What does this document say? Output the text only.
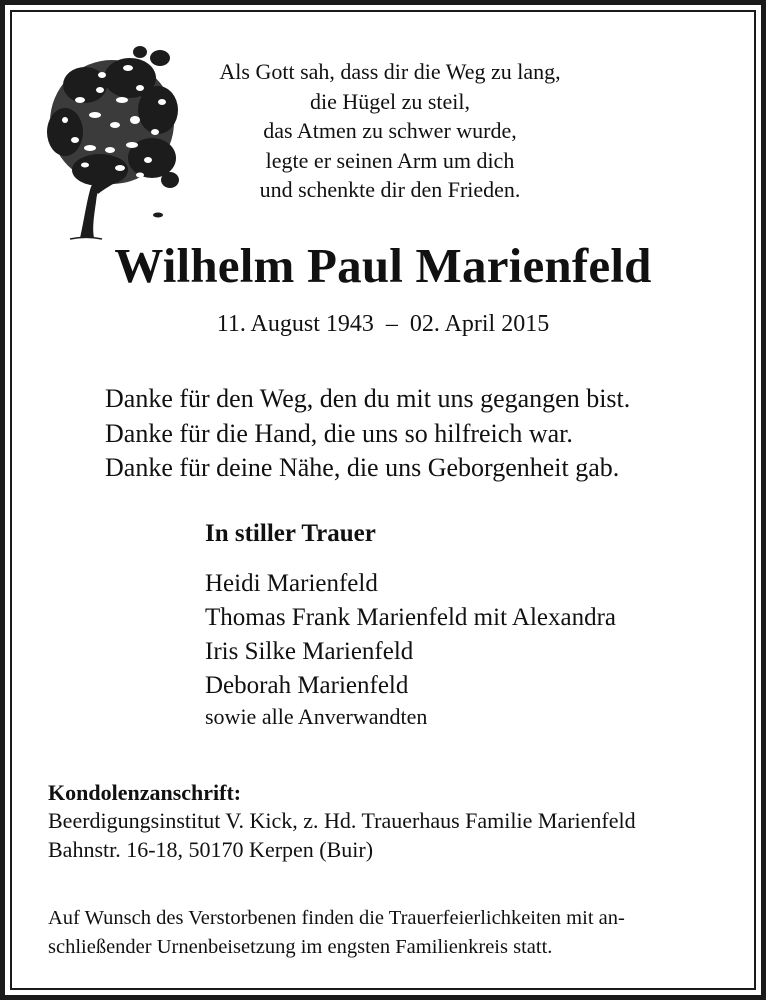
Als Gott sah, dass dir die Weg zu lang,
die Hügel zu steil,
das Atmen zu schwer wurde,
legte er seinen Arm um dich
und schenkte dir den Frieden.
Wilhelm Paul Marienfeld
11. August 1943  –  02. April 2015
Danke für den Weg, den du mit uns gegangen bist.
Danke für die Hand, die uns so hilfreich war.
Danke für deine Nähe, die uns Geborgenheit gab.
In stiller Trauer
Heidi Marienfeld
Thomas Frank Marienfeld mit Alexandra
Iris Silke Marienfeld
Deborah Marienfeld
sowie alle Anverwandten
Kondolenzanschrift:
Beerdigungsinstitut V. Kick, z. Hd. Trauerhaus Familie Marienfeld
Bahnstr. 16-18, 50170 Kerpen (Buir)
Auf Wunsch des Verstorbenen finden die Trauerfeierlichkeiten mit an-
schließender Urnenbeisetzung im engsten Familienkreis statt.
